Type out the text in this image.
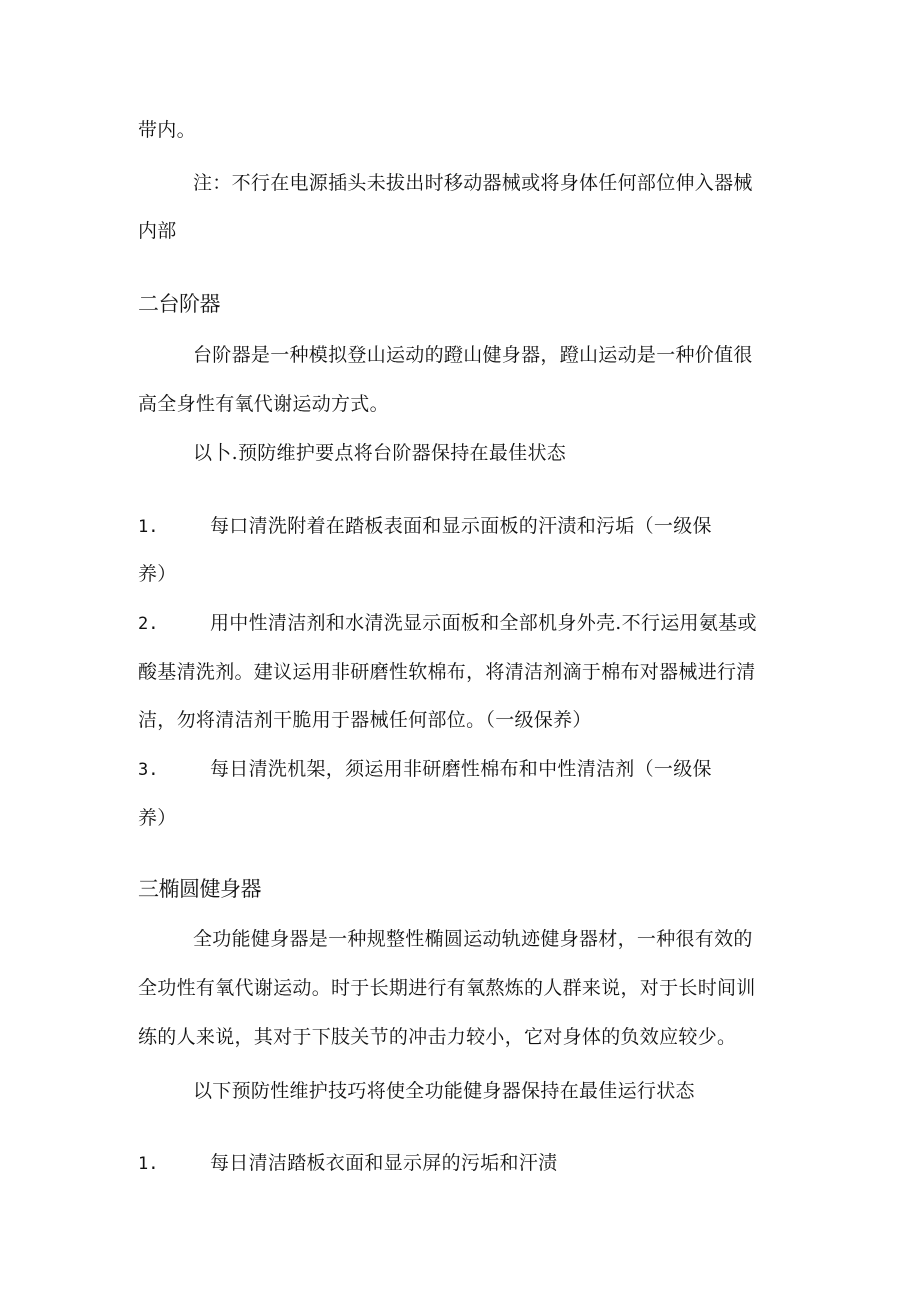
带内。
注：不行在电源插头未拔出时移动器械或将身体任何部位伸入器械
内部
二台阶器
台阶器是一种模拟登山运动的蹬山健身器，蹬山运动是一种价值很
高全身性有氧代谢运动方式。
以卜.预防维护要点将台阶器保持在最佳状态
1.	每口清洗附着在踏板表面和显示面板的汗渍和污垢（一级保
养）
2.	用中性清洁剂和水清洗显示面板和全部机身外壳.不行运用氨基或
酸基清洗剂。建议运用非研磨性软棉布，将清洁剂滴于棉布对器械进行清
洁，勿将清洁剂干脆用于器械任何部位。（一级保养）
3.	每日清洗机架，须运用非研磨性棉布和中性清洁剂（一级保
养）
三椭圆健身器
全功能健身器是一种规整性椭圆运动轨迹健身器材，一种很有效的
全功性有氧代谢运动。时于长期进行有氧熬炼的人群来说，对于长时间训
练的人来说，其对于下肢关节的冲击力较小，它对身体的负效应较少。
以下预防性维护技巧将使全功能健身器保持在最佳运行状态
1.	每日清洁踏板衣面和显示屏的污垢和汗渍
